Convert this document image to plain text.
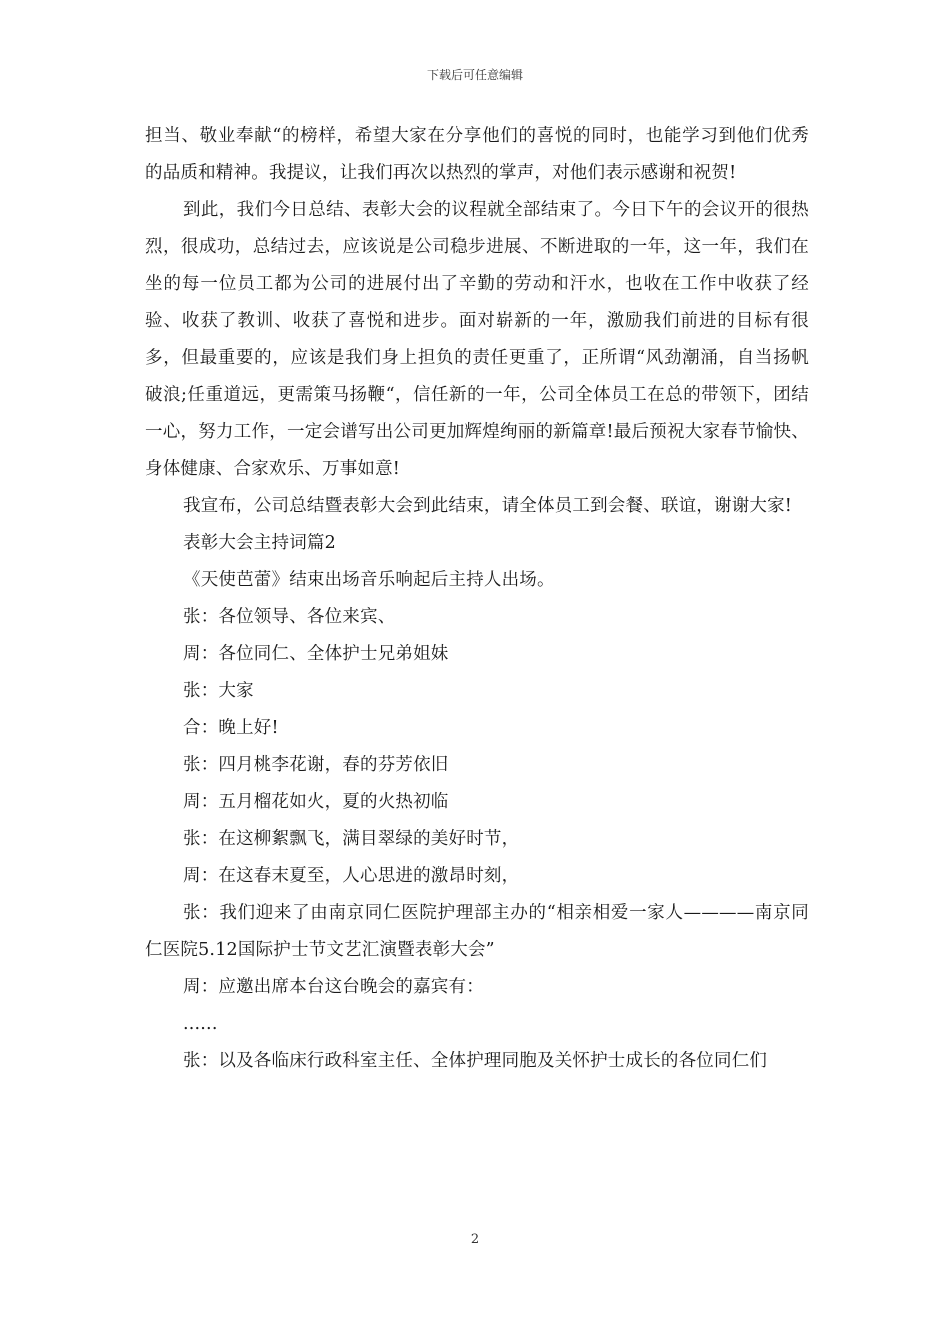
下载后可任意编辑

担当、敬业奉献“的榜样，希望大家在分享他们的喜悦的同时，也能学习到他们优秀的品质和精神。我提议，让我们再次以热烈的掌声，对他们表示感谢和祝贺!

到此，我们今日总结、表彰大会的议程就全部结束了。今日下午的会议开的很热烈，很成功，总结过去，应该说是公司稳步进展、不断进取的一年，这一年，我们在坐的每一位员工都为公司的进展付出了辛勤的劳动和汗水，也收在工作中收获了经验、收获了教训、收获了喜悦和进步。面对崭新的一年，激励我们前进的目标有很多，但最重要的，应该是我们身上担负的责任更重了，正所谓“风劲潮涌，自当扬帆破浪;任重道远，更需策马扬鞭“，信任新的一年，公司全体员工在总的带领下，团结一心，努力工作，一定会谱写出公司更加辉煌绚丽的新篇章!最后预祝大家春节愉快、身体健康、合家欢乐、万事如意!

我宣布，公司总结暨表彰大会到此结束，请全体员工到会餐、联谊，谢谢大家!

表彰大会主持词篇2

《天使芭蕾》结束出场音乐响起后主持人出场。

张：各位领导、各位来宾、

周：各位同仁、全体护士兄弟姐妹

张：大家

合：晚上好!

张：四月桃李花谢，春的芬芳依旧

周：五月榴花如火，夏的火热初临

张：在这柳絮飘飞，满目翠绿的美好时节，

周：在这春末夏至，人心思进的激昂时刻，

张：我们迎来了由南京同仁医院护理部主办的“相亲相爱一家人————南京同仁医院5.12国际护士节文艺汇演暨表彰大会”

周：应邀出席本台这台晚会的嘉宾有：

......

张：以及各临床行政科室主任、全体护理同胞及关怀护士成长的各位同仁们

2
